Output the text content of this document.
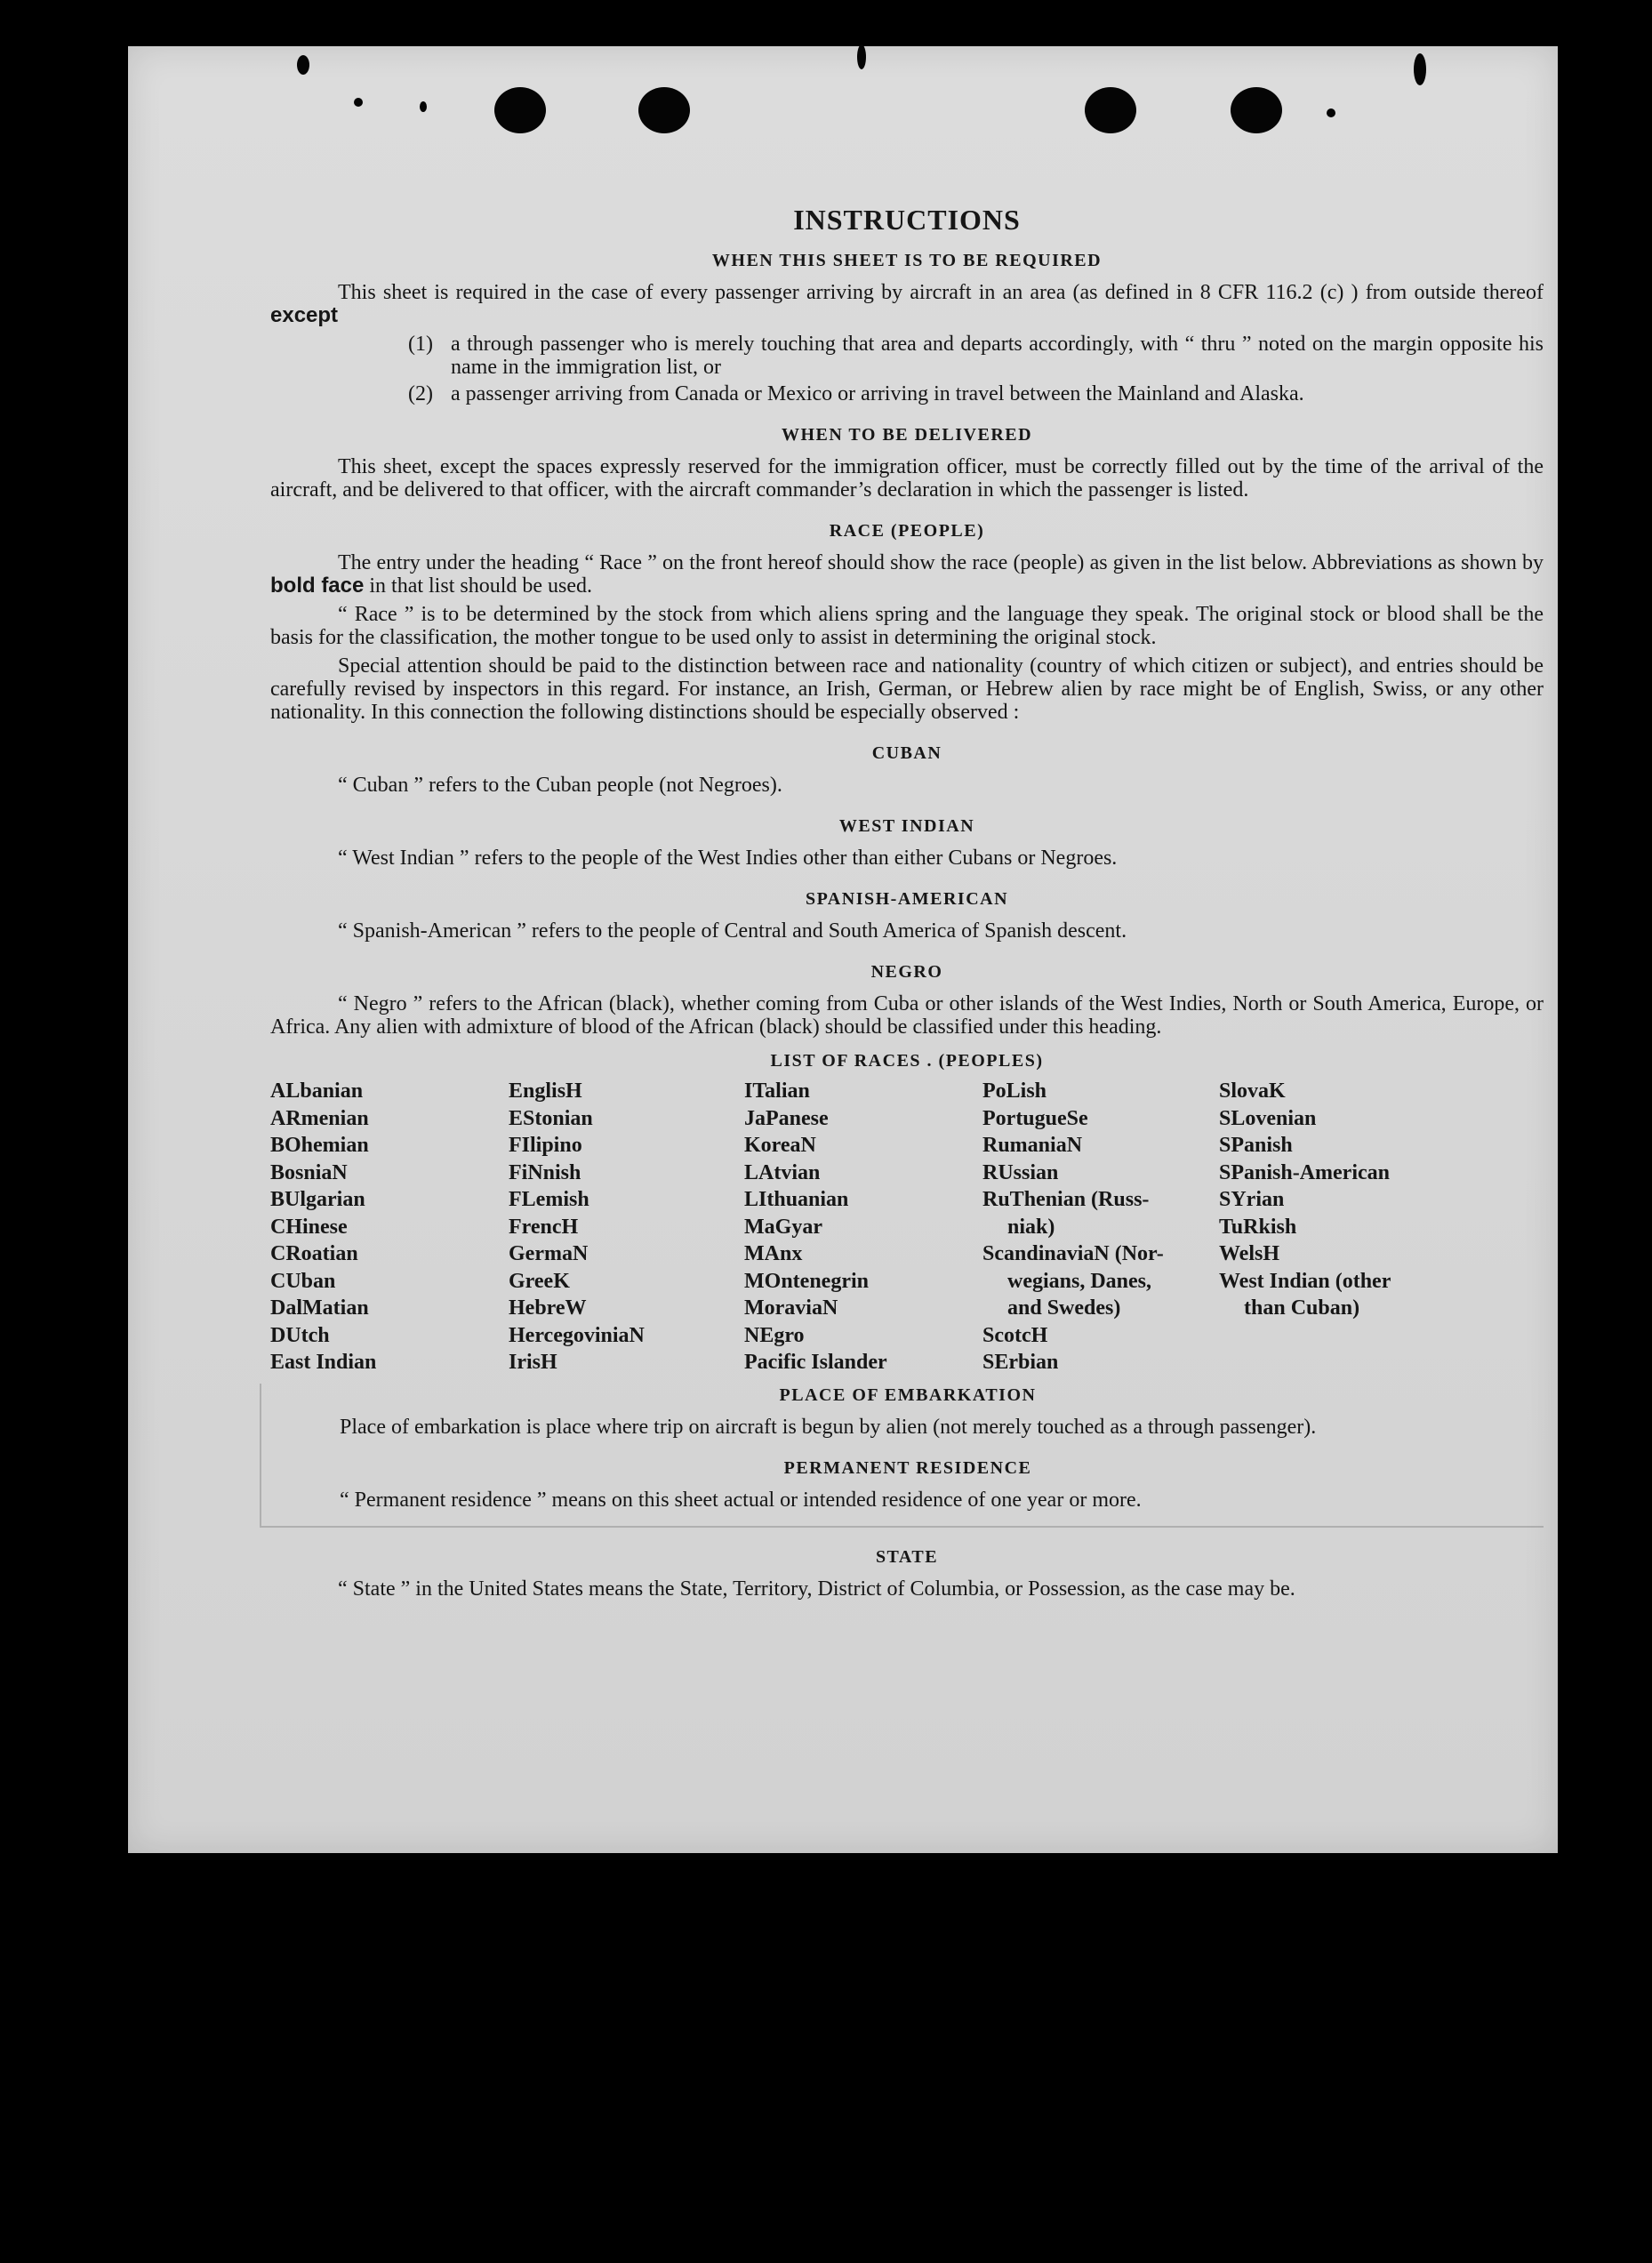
INSTRUCTIONS
WHEN THIS SHEET IS TO BE REQUIRED

This sheet is required in the case of every passenger arriving by aircraft in an area (as defined in 8 CFR 116.2 (c) ) from outside thereof except

(1) a through passenger who is merely touching that area and departs accordingly, with “ thru ” noted on the margin opposite his name in the immigration list, or
(2) a passenger arriving from Canada or Mexico or arriving in travel between the Mainland and Alaska.
WHEN TO BE DELIVERED

This sheet, except the spaces expressly reserved for the immigration officer, must be correctly filled out by the time of the arrival of the aircraft, and be delivered to that officer, with the aircraft commander’s declaration in which the passenger is listed.

RACE (PEOPLE)

The entry under the heading “ Race ” on the front hereof should show the race (people) as given in the list below. Abbreviations as shown by bold face in that list should be used.

“ Race ” is to be determined by the stock from which aliens spring and the language they speak. The original stock or blood shall be the basis for the classification, the mother tongue to be used only to assist in determining the original stock.

Special attention should be paid to the distinction between race and nationality (country of which citizen or subject), and entries should be carefully revised by inspectors in this regard. For instance, an Irish, German, or Hebrew alien by race might be of English, Swiss, or any other nationality. In this connection the following distinctions should be especially observed :

CUBAN

“ Cuban ” refers to the Cuban people (not Negroes).

WEST INDIAN

“ West Indian ” refers to the people of the West Indies other than either Cubans or Negroes.

SPANISH-AMERICAN

“ Spanish-American ” refers to the people of Central and South America of Spanish descent.

NEGRO

“ Negro ” refers to the African (black), whether coming from Cuba or other islands of the West Indies, North or South America, Europe, or Africa. Any alien with admixture of blood of the African (black) should be classified under this heading.

LIST OF RACES . (PEOPLES)
ALbanian
ARmenian
BOhemian
BosniaN
BUlgarian
CHinese
CRoatian
CUban
DalMatian
DUtch
East Indian
EnglisH
EStonian
FIlipino
FiNnish
FLemish
FrencH
GermaN
GreeK
HebreW
HercegoviniaN
IrisH
ITalian
JaPanese
KoreaN
LAtvian
LIthuanian
MaGyar
MAnx
MOntenegrin
MoraviaN
NEgro
Pacific Islander
PoLish
PortugueSe
RumaniaN
RUssian
RuThenian (Russ-
niak)
ScandinaviaN (Nor-
wegians, Danes,
and Swedes)
ScotcH
SErbian
SlovaK
SLovenian
SPanish
SPanish-American
SYrian
TuRkish
WelsH
West Indian (other
than Cuban)
PLACE OF EMBARKATION

Place of embarkation is place where trip on aircraft is begun by alien (not merely touched as a through passenger).

PERMANENT RESIDENCE

“ Permanent residence ” means on this sheet actual or intended residence of one year or more.

STATE

“ State ” in the United States means the State, Territory, District of Columbia, or Possession, as the case may be.
